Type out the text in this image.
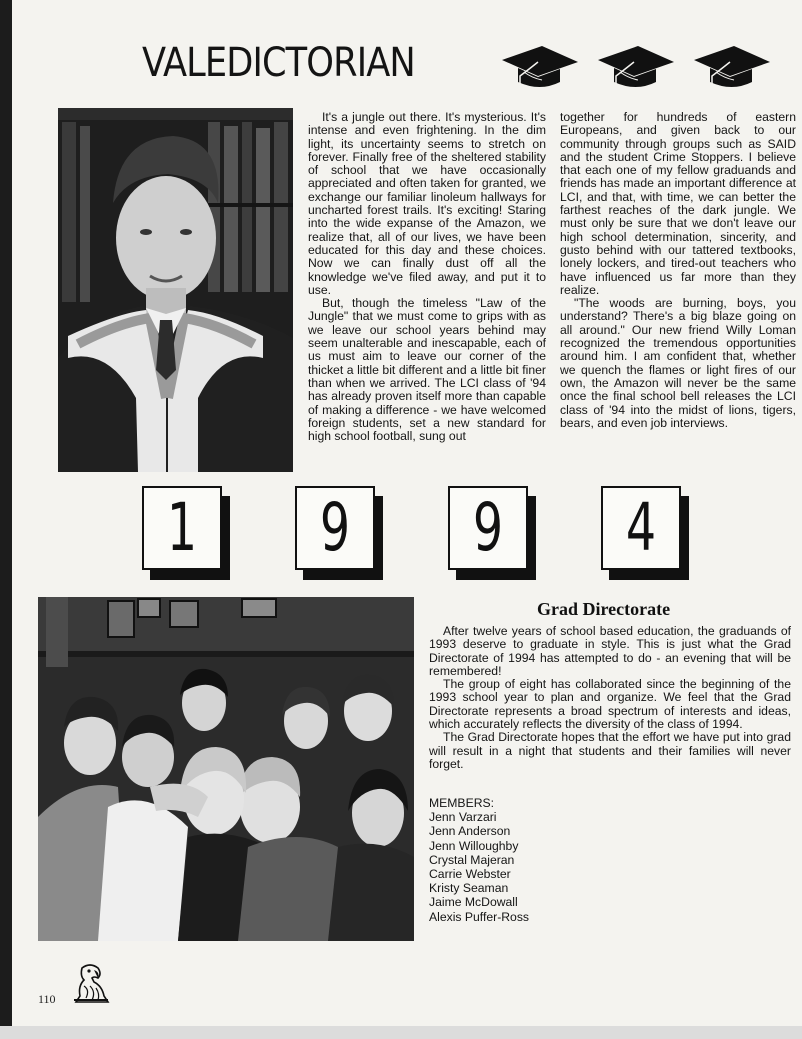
VALEDICTORIAN

It's a jungle out there. It's mysterious. It's intense and even frightening. In the dim light, its uncertainty seems to stretch on forever. Finally free of the sheltered stability of school that we have occasionally appreciated and often taken for granted, we exchange our familiar linoleum hallways for uncharted forest trails. It's exciting! Staring into the wide expanse of the Amazon, we realize that, all of our lives, we have been educated for this day and these choices. Now we can finally dust off all the knowledge we've filed away, and put it to use.

But, though the timeless "Law of the Jungle" that we must come to grips with as we leave our school years behind may seem unalterable and inescapable, each of us must aim to leave our corner of the thicket a little bit different and a little bit finer than when we arrived. The LCI class of '94 has already proven itself more than capable of making a difference - we have welcomed foreign students, set a new standard for high school football, sung out

together for hundreds of eastern Europeans, and given back to our community through groups such as SAID and the student Crime Stoppers. I believe that each one of my fellow graduands and friends has made an important difference at LCI, and that, with time, we can better the farthest reaches of the dark jungle. We must only be sure that we don't leave our high school determination, sincerity, and gusto behind with our tattered textbooks, lonely lockers, and tired-out teachers who have influenced us far more than they realize.

"The woods are burning, boys, you understand? There's a big blaze going on all around." Our new friend Willy Loman recognized the tremendous opportunities around him. I am confident that, whether we quench the flames or light fires of our own, the Amazon will never be the same once the final school bell releases the LCI class of '94 into the midst of lions, tigers, bears, and even job interviews.

1 9 9 4
Grad Directorate

After twelve years of school based education, the graduands of 1993 deserve to graduate in style. This is just what the Grad Directorate of 1994 has attempted to do - an evening that will be remembered!

The group of eight has collaborated since the beginning of the 1993 school year to plan and organize. We feel that the Grad Directorate represents a broad spectrum of interests and ideas, which accurately reflects the diversity of the class of 1994.

The Grad Directorate hopes that the effort we have put into grad will result in a night that students and their families will never forget.

MEMBERS:
Jenn Varzari
Jenn Anderson
Jenn Willoughby
Crystal Majeran
Carrie Webster
Kristy Seaman
Jaime McDowall
Alexis Puffer-Ross
110
